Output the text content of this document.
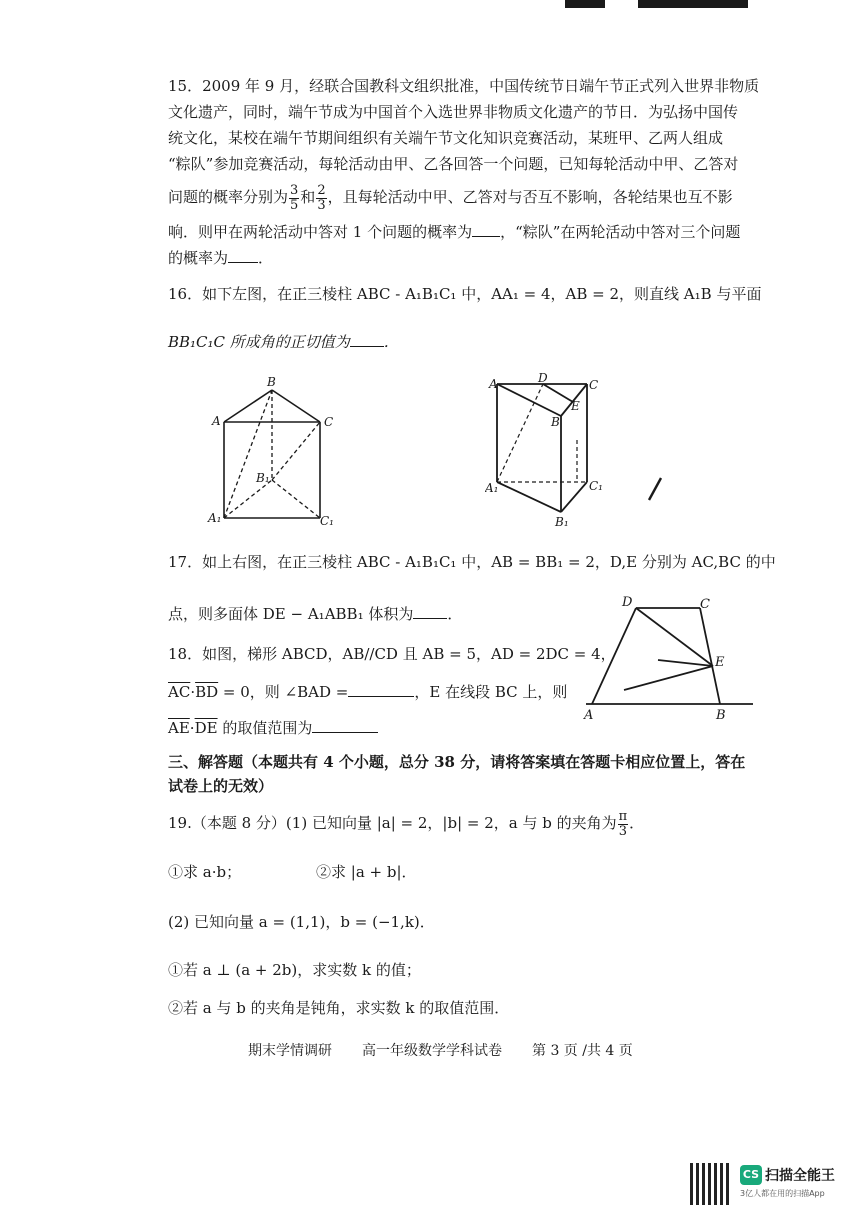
15．2009 年 9 月，经联合国教科文组织批准，中国传统节日端午节正式列入世界非物质
文化遗产，同时，端午节成为中国首个入选世界非物质文化遗产的节日．为弘扬中国传
统文化，某校在端午节期间组织有关端午节文化知识竞赛活动，某班甲、乙两人组成
“粽队”参加竞赛活动，每轮活动由甲、乙各回答一个问题，已知每轮活动中甲、乙答对
问题的概率分别为 $\frac{3}{5}$ 和 $\frac{2}{3}$ ，且每轮活动中甲、乙答对与否互不影响，各轮结果也互不影
响．则甲在两轮活动中答对 1 个问题的概率为 ，“粽队”在两轮活动中答对三个问题
的概率为 ．
16．如下左图，在正三棱柱 ABC - A₁B₁C₁ 中，AA₁ = 4，AB = 2，则直线 A₁B 与平面
BB₁C₁C 所成角的正切值为 ．
B
A	C
B₁
A₁	C₁
A	D	C
E
B
A₁	C₁
B₁
17．如上右图，在正三棱柱 ABC - A₁B₁C₁ 中，AB = BB₁ = 2，D,E 分别为 AC,BC 的中
点，则多面体 DE − A₁ABB₁ 体积为 ．
D	C
E
A	B
18．如图，梯形 ABCD，AB//CD 且 AB = 5，AD = 2DC = 4，
$\overline{AC}\cdot\overline{BD} = 0$，则 ∠BAD =	，E 在线段 BC 上，则
$\overline{AE}\cdot\overline{DE}$ 的取值范围为
三、解答题（本题共有 4 个小题，总分 38 分，请将答案填在答题卡相应位置上，答在
试卷上的无效）
19.（本题 8 分）(1) 已知向量 |a| = 2，|b| = 2，a 与 b 的夹角为 $\frac{\pi}{3}$ ．
①求 a·b；	②求 |a + b|．
(2) 已知向量 a = (1,1)，b = (−1,k)．
①若 a ⊥ (a + 2b)，求实数 k 的值；
②若 a 与 b 的夹角是钝角，求实数 k 的取值范围．
期末学情调研 高一年级数学学科试卷 第 3 页 /共 4 页
CS 扫描全能王
3亿人都在用的扫描App
